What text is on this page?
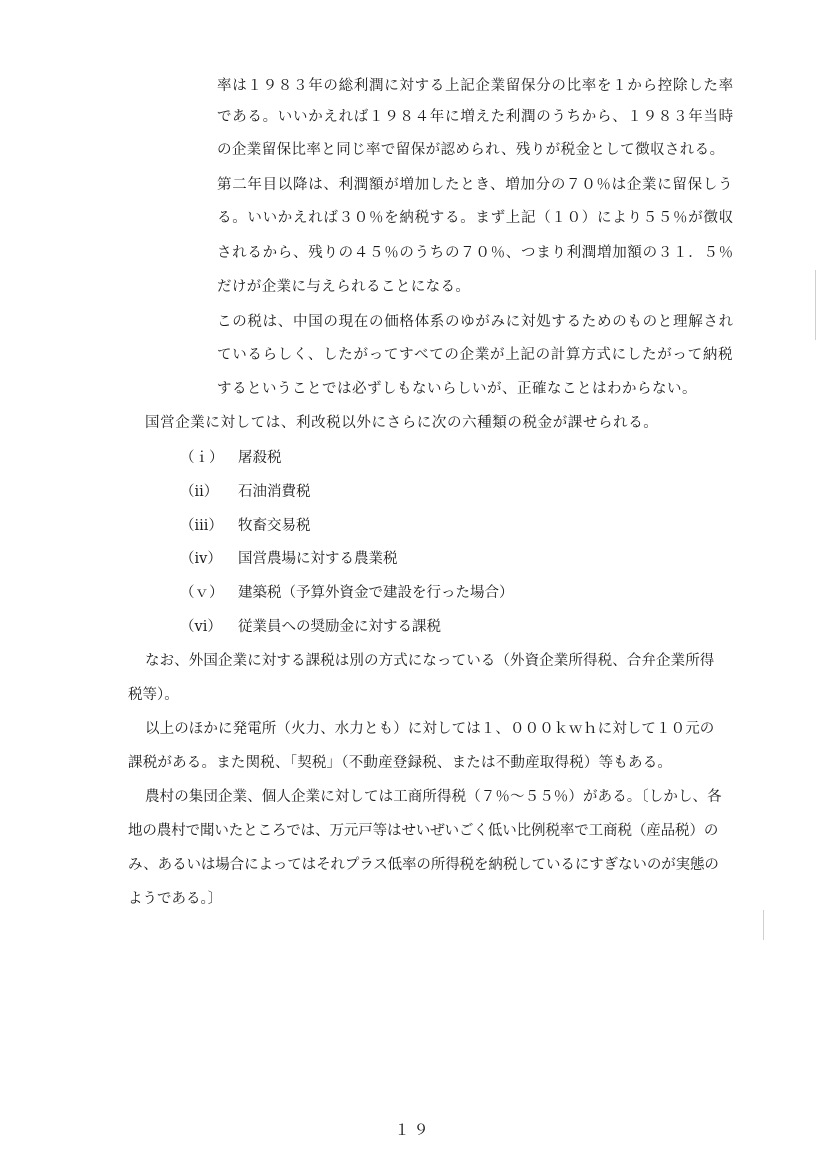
率は１９８３年の総利潤に対する上記企業留保分の比率を１から控除した率
である。いいかえれば１９８４年に増えた利潤のうちから、１９８３年当時
の企業留保比率と同じ率で留保が認められ、残りが税金として徴収される。
第二年目以降は、利潤額が増加したとき、増加分の７０％は企業に留保しう
る。いいかえれば３０％を納税する。まず上記（１０）により５５％が徴収
されるから、残りの４５％のうちの７０％、つまり利潤増加額の３１．５％
だけが企業に与えられることになる。
この税は、中国の現在の価格体系のゆがみに対処するためのものと理解され
ているらしく、したがってすべての企業が上記の計算方式にしたがって納税
するということでは必ずしもないらしいが、正確なことはわからない。
国営企業に対しては、利改税以外にさらに次の六種類の税金が課せられる。
（ｉ） 屠殺税
（ii） 石油消費税
（iii） 牧畜交易税
（iv） 国営農場に対する農業税
（ｖ） 建築税（予算外資金で建設を行った場合）
（vi） 従業員への奨励金に対する課税
なお、外国企業に対する課税は別の方式になっている（外資企業所得税、合弁企業所得
税等）。
以上のほかに発電所（火力、水力とも）に対しては１、０００ｋｗｈに対して１０元の
課税がある。また関税、「契税」（不動産登録税、または不動産取得税）等もある。
農村の集団企業、個人企業に対しては工商所得税（７％〜５５％）がある。〔しかし、各
地の農村で聞いたところでは、万元戸等はせいぜいごく低い比例税率で工商税（産品税）の
み、あるいは場合によってはそれプラス低率の所得税を納税しているにすぎないのが実態の
ようである。〕
１９
